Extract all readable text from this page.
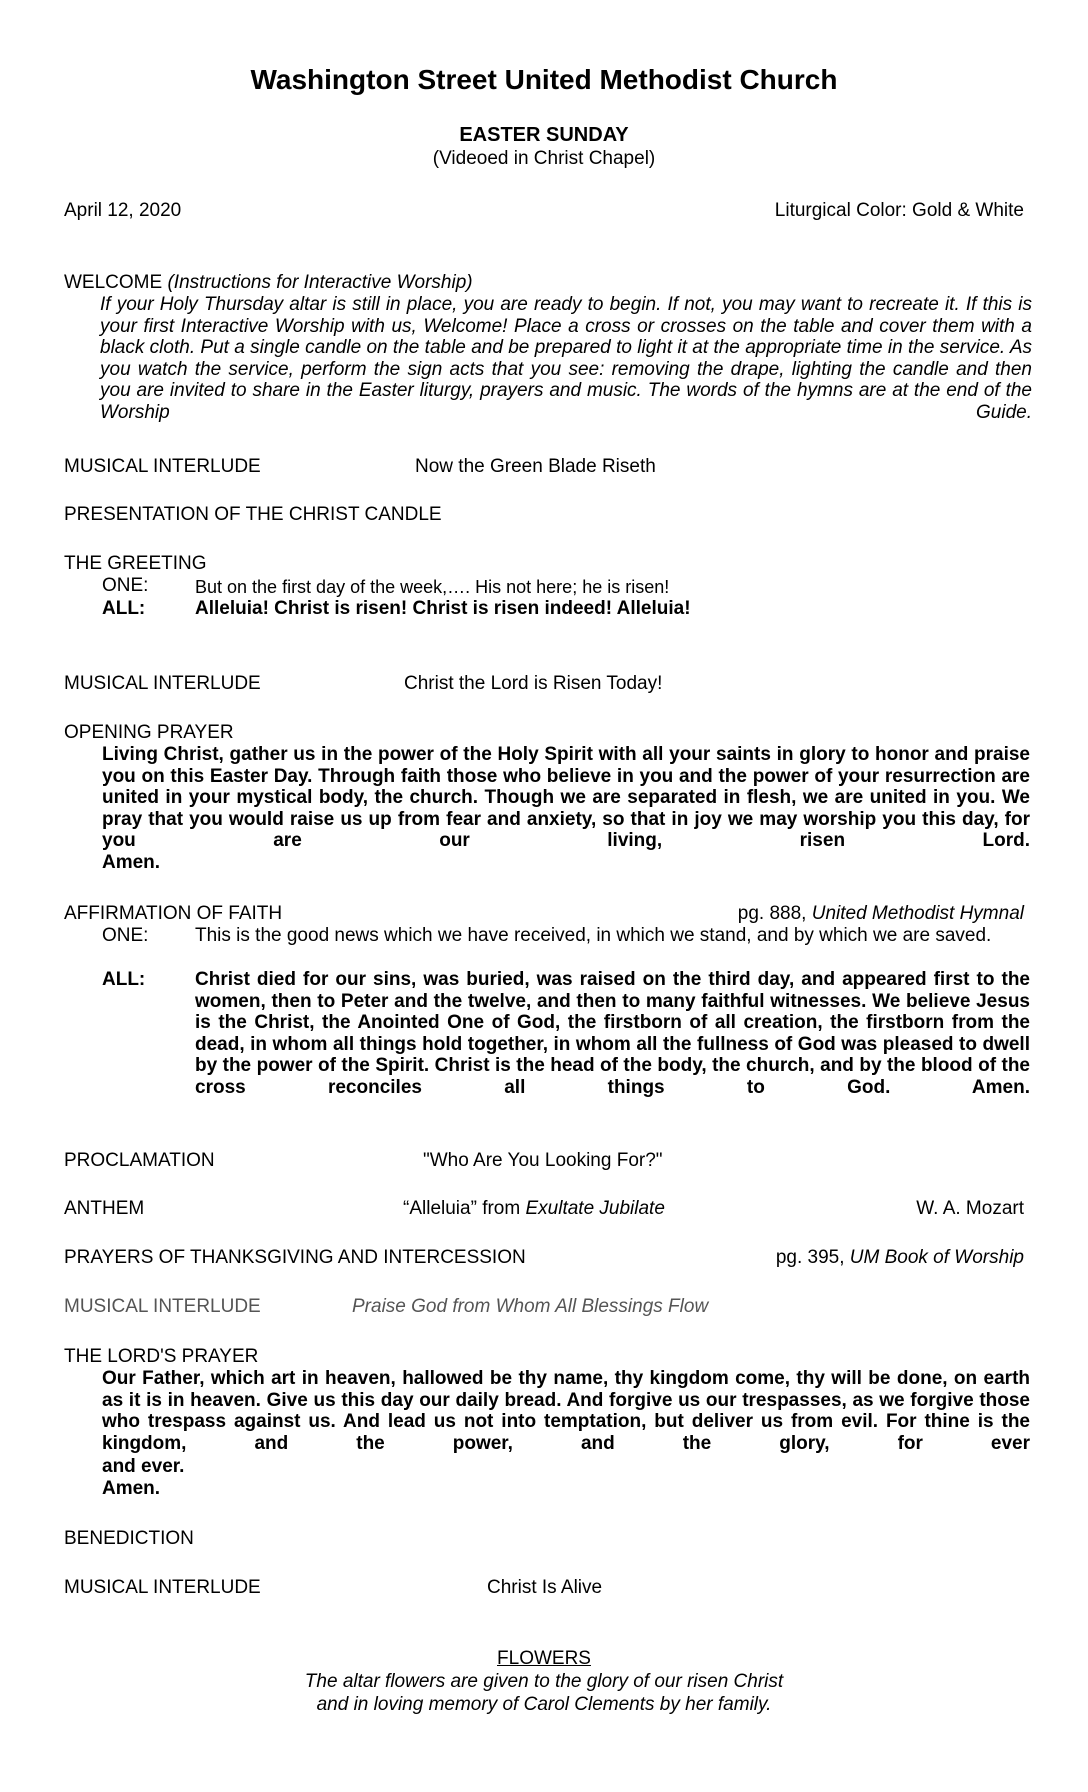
Washington Street United Methodist Church
EASTER SUNDAY
(Videoed in Christ Chapel)
April 12, 2020	Liturgical Color: Gold & White
WELCOME (Instructions for Interactive Worship)
If your Holy Thursday altar is still in place, you are ready to begin. If not, you may want to recreate it. If this is your first Interactive Worship with us, Welcome! Place a cross or crosses on the table and cover them with a black cloth. Put a single candle on the table and be prepared to light it at the appropriate time in the service. As you watch the service, perform the sign acts that you see: removing the drape, lighting the candle and then you are invited to share in the Easter liturgy, prayers and music. The words of the hymns are at the end of the Worship Guide.
MUSICAL INTERLUDE	Now the Green Blade Riseth
PRESENTATION OF THE CHRIST CANDLE
THE GREETING
ONE:	But on the first day of the week,…. His not here; he is risen!
ALL:	Alleluia! Christ is risen! Christ is risen indeed! Alleluia!
MUSICAL INTERLUDE	Christ the Lord is Risen Today!
OPENING PRAYER
Living Christ, gather us in the power of the Holy Spirit with all your saints in glory to honor and praise you on this Easter Day. Through faith those who believe in you and the power of your resurrection are united in your mystical body, the church. Though we are separated in flesh, we are united in you. We pray that you would raise us up from fear and anxiety, so that in joy we may worship you this day, for you are our living, risen Lord.
Amen.
AFFIRMATION OF FAITH	pg. 888, United Methodist Hymnal
ONE: This is the good news which we have received, in which we stand, and by which we are saved.
ALL:	Christ died for our sins, was buried, was raised on the third day, and appeared first to the women, then to Peter and the twelve, and then to many faithful witnesses. We believe Jesus is the Christ, the Anointed One of God, the firstborn of all creation, the firstborn from the dead, in whom all things hold together, in whom all the fullness of God was pleased to dwell by the power of the Spirit. Christ is the head of the body, the church, and by the blood of the cross reconciles all things to God. Amen.
PROCLAMATION	"Who Are You Looking For?"
ANTHEM	“Alleluia” from Exultate Jubilate	W. A. Mozart
PRAYERS OF THANKSGIVING AND INTERCESSION	pg. 395, UM Book of Worship
MUSICAL INTERLUDE	Praise God from Whom All Blessings Flow
THE LORD'S PRAYER
Our Father, which art in heaven, hallowed be thy name, thy kingdom come, thy will be done, on earth as it is in heaven. Give us this day our daily bread. And forgive us our trespasses, as we forgive those who trespass against us. And lead us not into temptation, but deliver us from evil. For thine is the kingdom, and the power, and the glory, for ever
and ever.
Amen.
BENEDICTION
MUSICAL INTERLUDE	Christ Is Alive
FLOWERS
The altar flowers are given to the glory of our risen Christ
and in loving memory of Carol Clements by her family.
